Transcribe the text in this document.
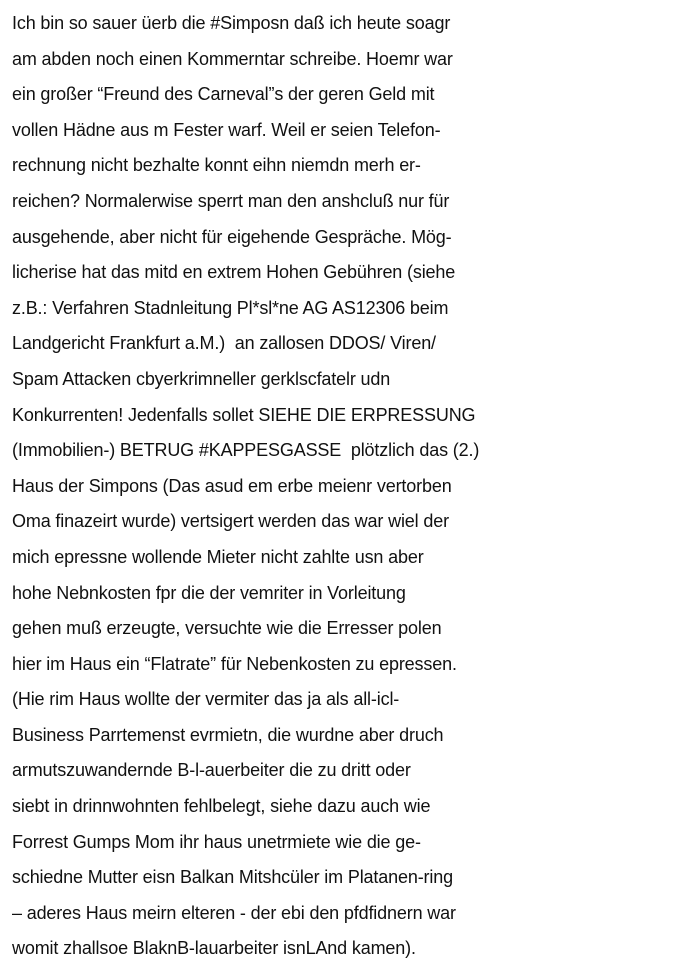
Ich bin so sauer üerb die #Simposn daß ich heute soagr
am abden noch einen Kommerntar schreibe. Hoemr war
ein großer “Freund des Carneval”s der geren Geld mit
vollen Hädne aus m Fester warf. Weil er seien Telefon-
rechnung nicht bezhalte konnt eihn niemdn merh er-
reichen? Normalerwise sperrt man den anshcluß nur für
ausgehende, aber nicht für eigehende Gespräche. Mög-
licherise hat das mitd en extrem Hohen Gebühren (siehe
z.B.: Verfahren Stadnleitung Pl*sl*ne AG AS12306 beim
Landgericht Frankfurt a.M.)  an zallosen DDOS/ Viren/
Spam Attacken cbyerkrimneller gerklscfatelr udn
Konkurrenten! Jedenfalls sollet SIEHE DIE ERPRESSUNG
(Immobilien-) BETRUG #KAPPESGASSE  plötzlich das (2.)
Haus der Simpons (Das asud em erbe meienr vertorben
Oma finazeirt wurde) vertsigert werden das war wiel der
mich epressne wollende Mieter nicht zahlte usn aber
hohe Nebnkosten fpr die der vemriter in Vorleitung
gehen muß erzeugte, versuchte wie die Erresser polen
hier im Haus ein “Flatrate” für Nebenkosten zu epressen.
(Hie rim Haus wollte der vermiter das ja als all-icl-
Business Parrtemenst evrmietn, die wurdne aber druch
armutszuwandernde B-l-auerbeiter die zu dritt oder
siebt in drinnwohnten fehlbelegt, siehe dazu auch wie
Forrest Gumps Mom ihr haus unetrmiete wie die ge-
schiedne Mutter eisn Balkan Mitshcüler im Platanen-ring
– aderes Haus meirn elteren - der ebi den pfdfidnern war
womit zhallsoe BlaknB-lauarbeiter isnLAnd kamen).
